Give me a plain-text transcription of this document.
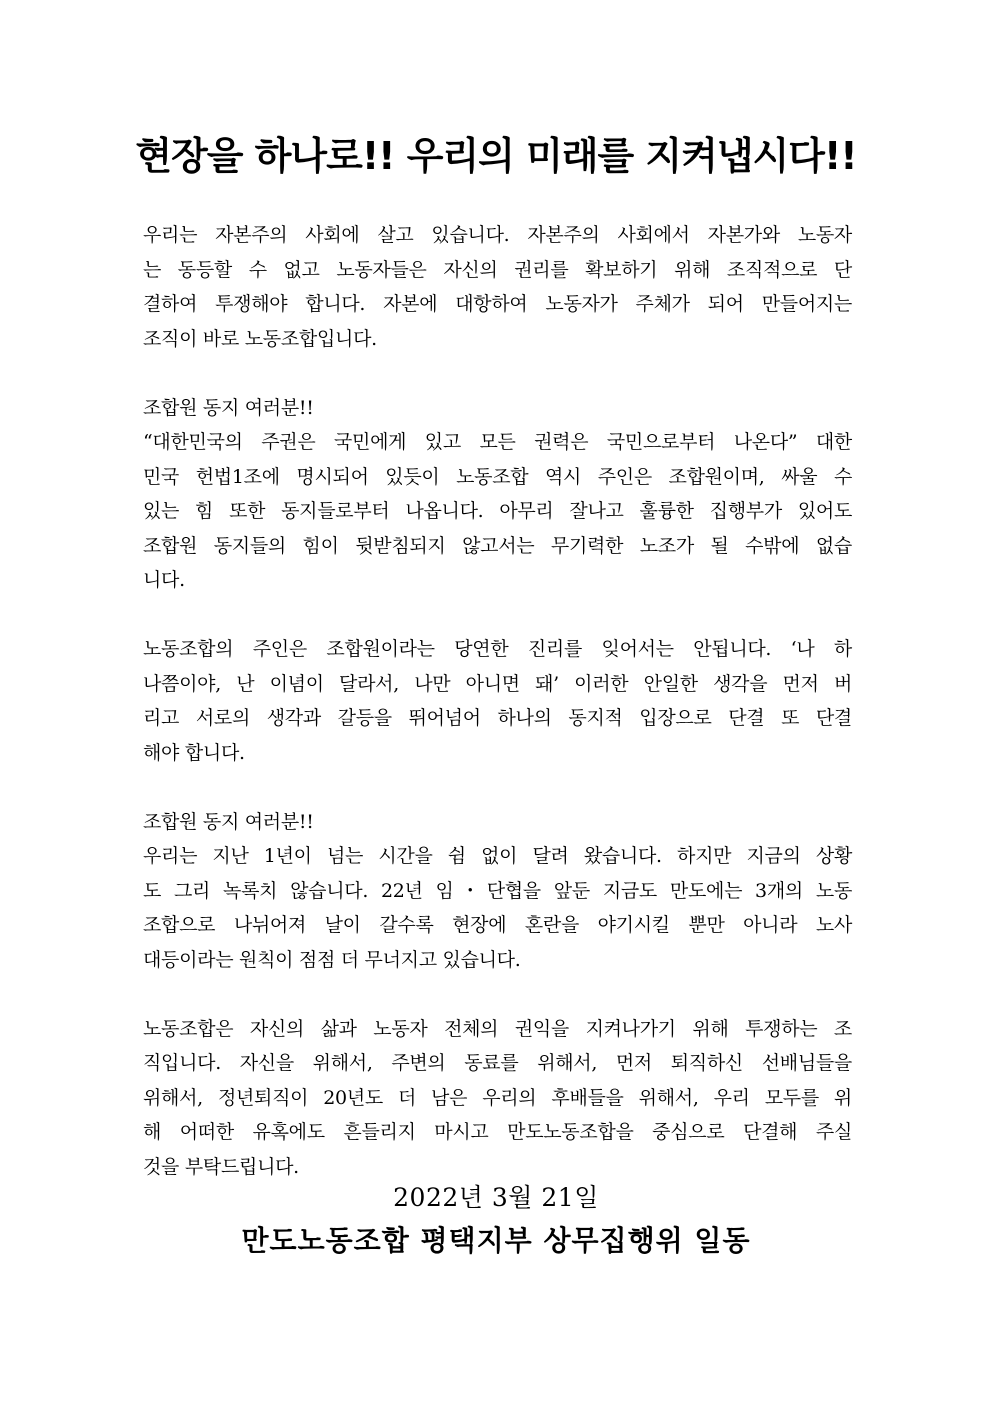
현장을 하나로!! 우리의 미래를 지켜냅시다!!

우리는 자본주의 사회에 살고 있습니다. 자본주의 사회에서 자본가와 노동자
는 동등할 수 없고 노동자들은 자신의 권리를 확보하기 위해 조직적으로 단
결하여 투쟁해야 합니다. 자본에 대항하여 노동자가 주체가 되어 만들어지는
조직이 바로 노동조합입니다.

조합원 동지 여러분!!
“대한민국의 주권은 국민에게 있고 모든 권력은 국민으로부터 나온다” 대한
민국 헌법1조에 명시되어 있듯이 노동조합 역시 주인은 조합원이며, 싸울 수
있는 힘 또한 동지들로부터 나옵니다. 아무리 잘나고 훌륭한 집행부가 있어도
조합원 동지들의 힘이 뒷받침되지 않고서는 무기력한 노조가 될 수밖에 없습
니다.

노동조합의 주인은 조합원이라는 당연한 진리를 잊어서는 안됩니다. ‘나 하
나쯤이야, 난 이념이 달라서, 나만 아니면 돼’ 이러한 안일한 생각을 먼저 버
리고 서로의 생각과 갈등을 뛰어넘어 하나의 동지적 입장으로 단결 또 단결
해야 합니다.

조합원 동지 여러분!!
우리는 지난 1년이 넘는 시간을 쉼 없이 달려 왔습니다. 하지만 지금의 상황
도 그리 녹록치 않습니다. 22년 임・단협을 앞둔 지금도 만도에는 3개의 노동
조합으로 나뉘어져 날이 갈수록 현장에 혼란을 야기시킬 뿐만 아니라 노사
대등이라는 원칙이 점점 더 무너지고 있습니다.

노동조합은 자신의 삶과 노동자 전체의 권익을 지켜나가기 위해 투쟁하는 조
직입니다. 자신을 위해서, 주변의 동료를 위해서, 먼저 퇴직하신 선배님들을
위해서, 정년퇴직이 20년도 더 남은 우리의 후배들을 위해서, 우리 모두를 위
해 어떠한 유혹에도 흔들리지 마시고 만도노동조합을 중심으로 단결해 주실
것을 부탁드립니다.

2022년 3월 21일
만도노동조합 평택지부 상무집행위 일동
